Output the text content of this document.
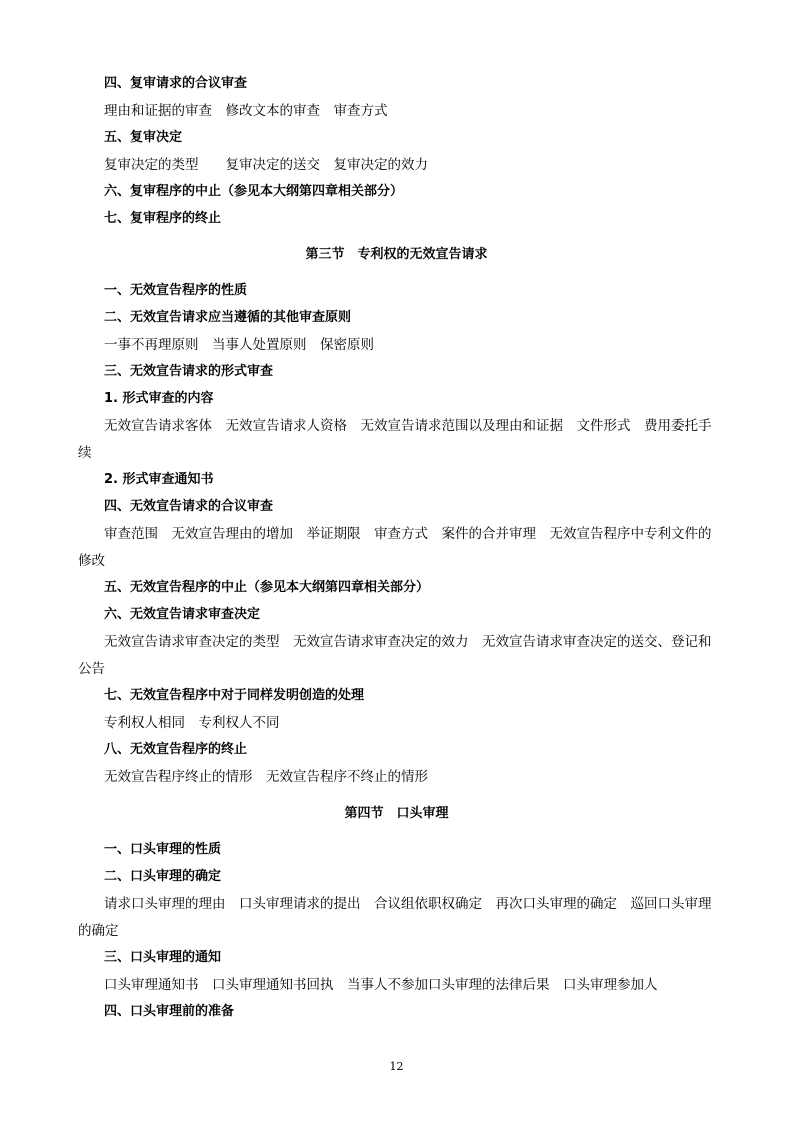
四、复审请求的合议审查
理由和证据的审查　修改文本的审查　审查方式
五、复审决定
复审决定的类型　　复审决定的送交　复审决定的效力
六、复审程序的中止（参见本大纲第四章相关部分）
七、复审程序的终止
第三节　专利权的无效宣告请求
一、无效宣告程序的性质
二、无效宣告请求应当遵循的其他审查原则
一事不再理原则　当事人处置原则　保密原则
三、无效宣告请求的形式审查
1. 形式审查的内容
无效宣告请求客体　无效宣告请求人资格　无效宣告请求范围以及理由和证据　文件形式　费用委托手续
2. 形式审查通知书
四、无效宣告请求的合议审查
审查范围　无效宣告理由的增加　举证期限　审查方式　案件的合并审理　无效宣告程序中专利文件的修改
五、无效宣告程序的中止（参见本大纲第四章相关部分）
六、无效宣告请求审查决定
无效宣告请求审查决定的类型　无效宣告请求审查决定的效力　无效宣告请求审查决定的送交、登记和公告
七、无效宣告程序中对于同样发明创造的处理
专利权人相同　专利权人不同
八、无效宣告程序的终止
无效宣告程序终止的情形　无效宣告程序不终止的情形
第四节　口头审理
一、口头审理的性质
二、口头审理的确定
请求口头审理的理由　口头审理请求的提出　合议组依职权确定　再次口头审理的确定　巡回口头审理的确定
三、口头审理的通知
口头审理通知书　口头审理通知书回执　当事人不参加口头审理的法律后果　口头审理参加人
四、口头审理前的准备
12
